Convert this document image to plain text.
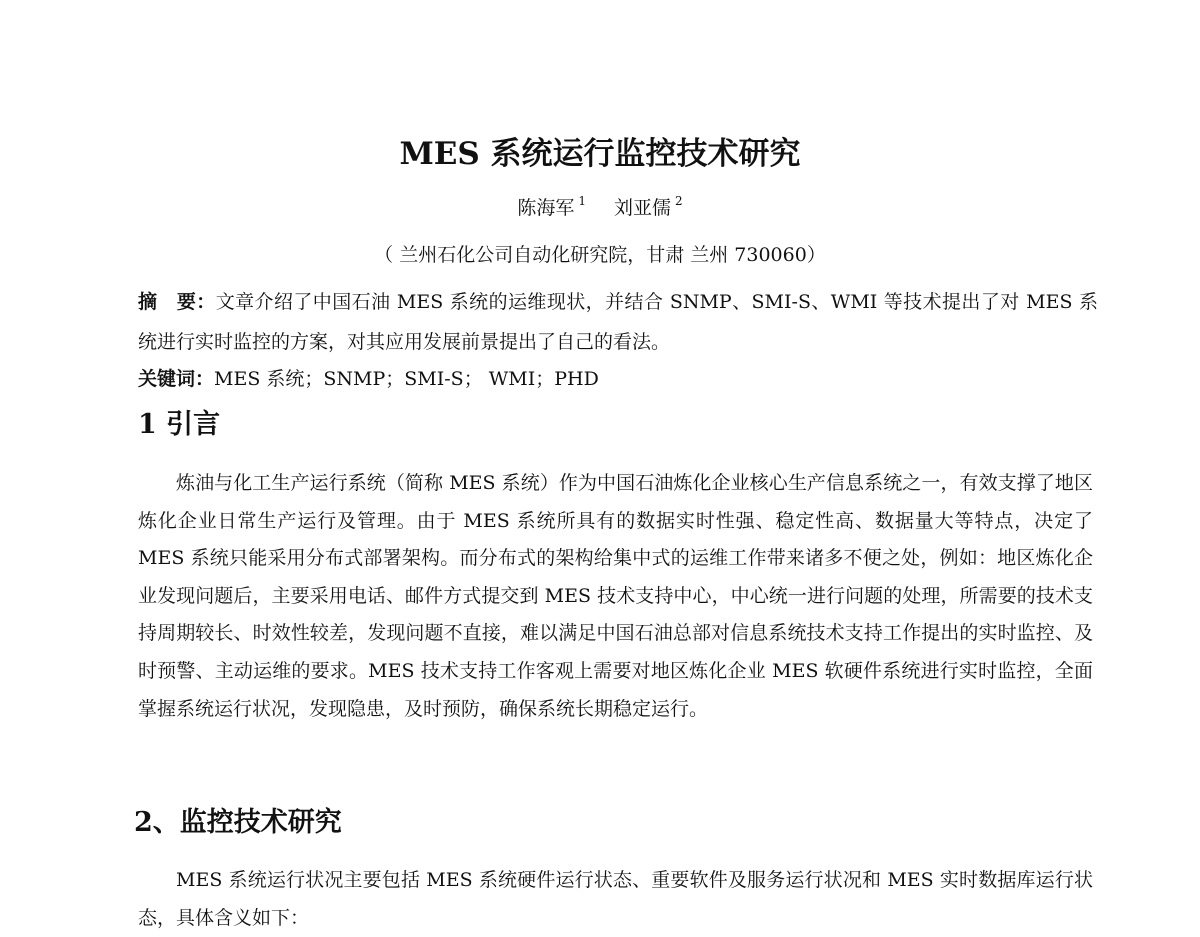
MES 系统运行监控技术研究
陈海军 $^1$ 刘亚儒 $^2$
（ 兰州石化公司自动化研究院，甘肃 兰州 730060）
摘 要：文章介绍了中国石油 MES 系统的运维现状，并结合 SNMP、SMI-S、WMI 等技术提出了对 MES 系统进行实时监控的方案，对其应用发展前景提出了自己的看法。
关键词：MES 系统；SNMP；SMI-S； WMI；PHD
1 引言
炼油与化工生产运行系统（简称 MES 系统）作为中国石油炼化企业核心生产信息系统之一，有效支撑了地区炼化企业日常生产运行及管理。由于 MES 系统所具有的数据实时性强、稳定性高、数据量大等特点，决定了 MES 系统只能采用分布式部署架构。而分布式的架构给集中式的运维工作带来诸多不便之处，例如：地区炼化企业发现问题后，主要采用电话、邮件方式提交到 MES 技术支持中心，中心统一进行问题的处理，所需要的技术支持周期较长、时效性较差，发现问题不直接，难以满足中国石油总部对信息系统技术支持工作提出的实时监控、及时预警、主动运维的要求。MES 技术支持工作客观上需要对地区炼化企业 MES 软硬件系统进行实时监控，全面掌握系统运行状况，发现隐患，及时预防，确保系统长期稳定运行。
2、监控技术研究
MES 系统运行状况主要包括 MES 系统硬件运行状态、重要软件及服务运行状况和 MES 实时数据库运行状态，具体含义如下：
